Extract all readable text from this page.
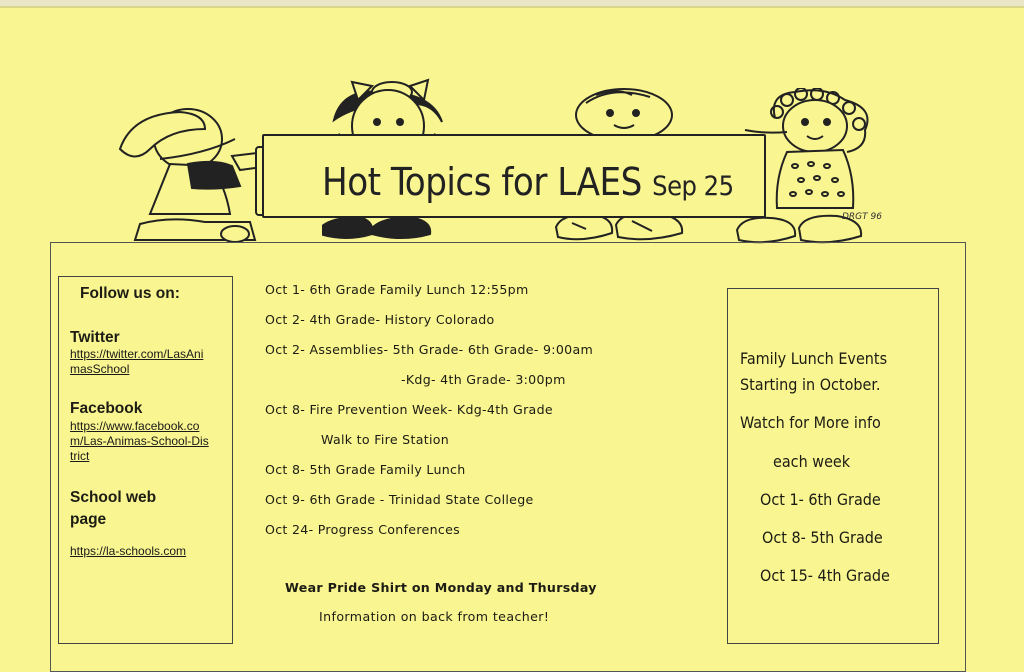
Hot Topics for LAES Sep 25
DRGT 96
Follow us on:
Twitter
https://twitter.com/LasAnimasSchool
Facebook
https://www.facebook.com/Las-Animas-School-District
School web
page
https://la-schools.com
Oct 1- 6th Grade Family Lunch 12:55pm
Oct 2- 4th Grade- History Colorado
Oct 2- Assemblies- 5th Grade- 6th Grade- 9:00am
-Kdg- 4th Grade- 3:00pm
Oct 8- Fire Prevention Week- Kdg-4th Grade
Walk to Fire Station
Oct 8- 5th Grade Family Lunch
Oct 9- 6th Grade - Trinidad State College
Oct 24- Progress Conferences
Wear Pride Shirt on Monday and Thursday
Information on back from teacher!
Family Lunch Events
Starting in October.
Watch for More info
each week
Oct 1- 6th Grade
Oct 8- 5th Grade
Oct 15- 4th Grade
